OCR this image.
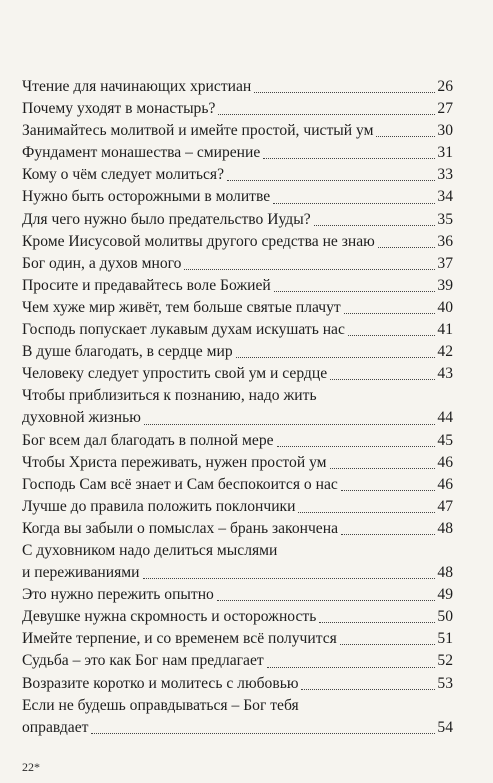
Чтение для начинающих христиан	26
Почему уходят в монастырь?	27
Занимайтесь молитвой и имейте простой, чистый ум	30
Фундамент монашества – смирение	31
Кому о чём следует молиться?	33
Нужно быть осторожными в молитве	34
Для чего нужно было предательство Иуды?	35
Кроме Иисусовой молитвы другого средства не знаю	36
Бог один, а духов много	37
Просите и предавайтесь воле Божией	39
Чем хуже мир живёт, тем больше святые плачут	40
Господь попускает лукавым духам искушать нас	41
В душе благодать, в сердце мир	42
Человеку следует упростить свой ум и сердце	43
Чтобы приблизиться к познанию, надо жить
духовной жизнью	44
Бог всем дал благодать в полной мере	45
Чтобы Христа переживать, нужен простой ум	46
Господь Сам всё знает и Сам беспокоится о нас	46
Лучше до правила положить поклончики	47
Когда вы забыли о помыслах – брань закончена	48
С духовником надо делиться мыслями
и переживаниями	48
Это нужно пережить опытно	49
Девушке нужна скромность и осторожность	50
Имейте терпение, и со временем всё получится	51
Судьба – это как Бог нам предлагает	52
Возразите коротко и молитесь с любовью	53
Если не будешь оправдываться – Бог тебя
оправдает	54
22*
